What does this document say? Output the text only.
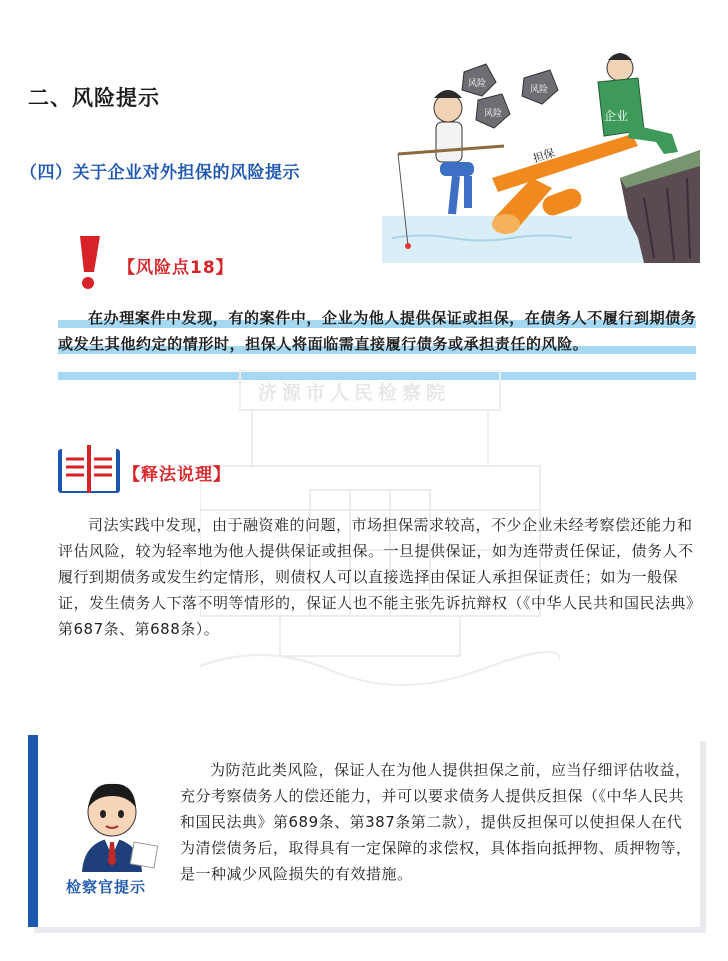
二、风险提示
（四）关于企业对外担保的风险提示
担保
风险
风险
风险
企业
【风险点18】
在办理案件中发现，有的案件中，企业为他人提供保证或担保，在债务人不履行到期债务或发生其他约定的情形时，担保人将面临需直接履行债务或承担责任的风险。
济源市人民检察院
【释法说理】
司法实践中发现，由于融资难的问题，市场担保需求较高，不少企业未经考察偿还能力和评估风险，较为轻率地为他人提供保证或担保。一旦提供保证，如为连带责任保证，债务人不履行到期债务或发生约定情形，则债权人可以直接选择由保证人承担保证责任；如为一般保证，发生债务人下落不明等情形的，保证人也不能主张先诉抗辩权（《中华人民共和国民法典》第687条、第688条）。
检察官提示
为防范此类风险，保证人在为他人提供担保之前，应当仔细评估收益，充分考察债务人的偿还能力，并可以要求债务人提供反担保（《中华人民共和国民法典》第689条、第387条第二款），提供反担保可以使担保人在代为清偿债务后，取得具有一定保障的求偿权，具体指向抵押物、质押物等，是一种减少风险损失的有效措施。
